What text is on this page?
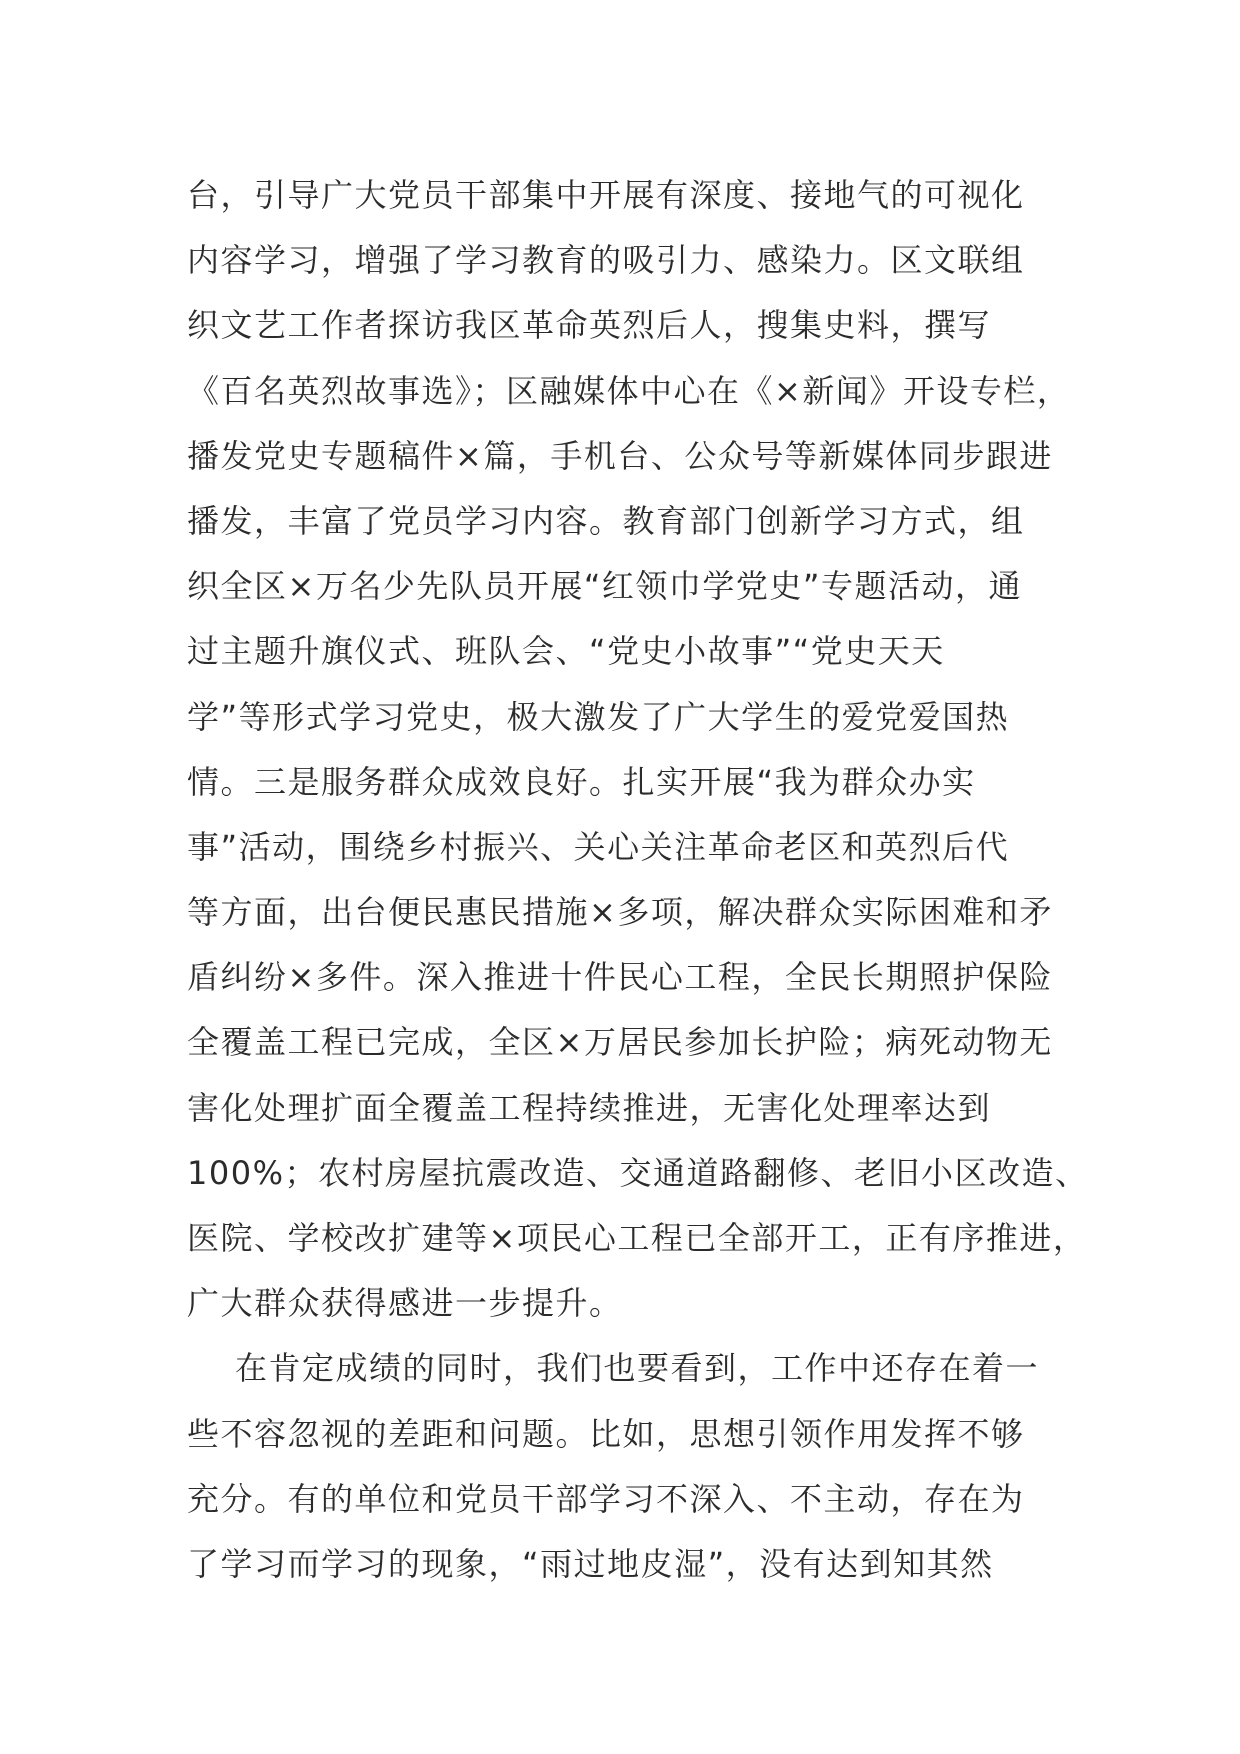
台，引导广大党员干部集中开展有深度、接地气的可视化
内容学习，增强了学习教育的吸引力、感染力。区文联组
织文艺工作者探访我区革命英烈后人，搜集史料，撰写
《百名英烈故事选》；区融媒体中心在《×新闻》开设专栏，
播发党史专题稿件×篇，手机台、公众号等新媒体同步跟进
播发，丰富了党员学习内容。教育部门创新学习方式，组
织全区×万名少先队员开展“红领巾学党史”专题活动，通
过主题升旗仪式、班队会、“党史小故事”“党史天天
学”等形式学习党史，极大激发了广大学生的爱党爱国热
情。三是服务群众成效良好。扎实开展“我为群众办实
事”活动，围绕乡村振兴、关心关注革命老区和英烈后代
等方面，出台便民惠民措施×多项，解决群众实际困难和矛
盾纠纷×多件。深入推进十件民心工程，全民长期照护保险
全覆盖工程已完成，全区×万居民参加长护险；病死动物无
害化处理扩面全覆盖工程持续推进，无害化处理率达到
100%；农村房屋抗震改造、交通道路翻修、老旧小区改造、
医院、学校改扩建等×项民心工程已全部开工，正有序推进，
广大群众获得感进一步提升。
在肯定成绩的同时，我们也要看到，工作中还存在着一
些不容忽视的差距和问题。比如，思想引领作用发挥不够
充分。有的单位和党员干部学习不深入、不主动，存在为
了学习而学习的现象，“雨过地皮湿”，没有达到知其然
